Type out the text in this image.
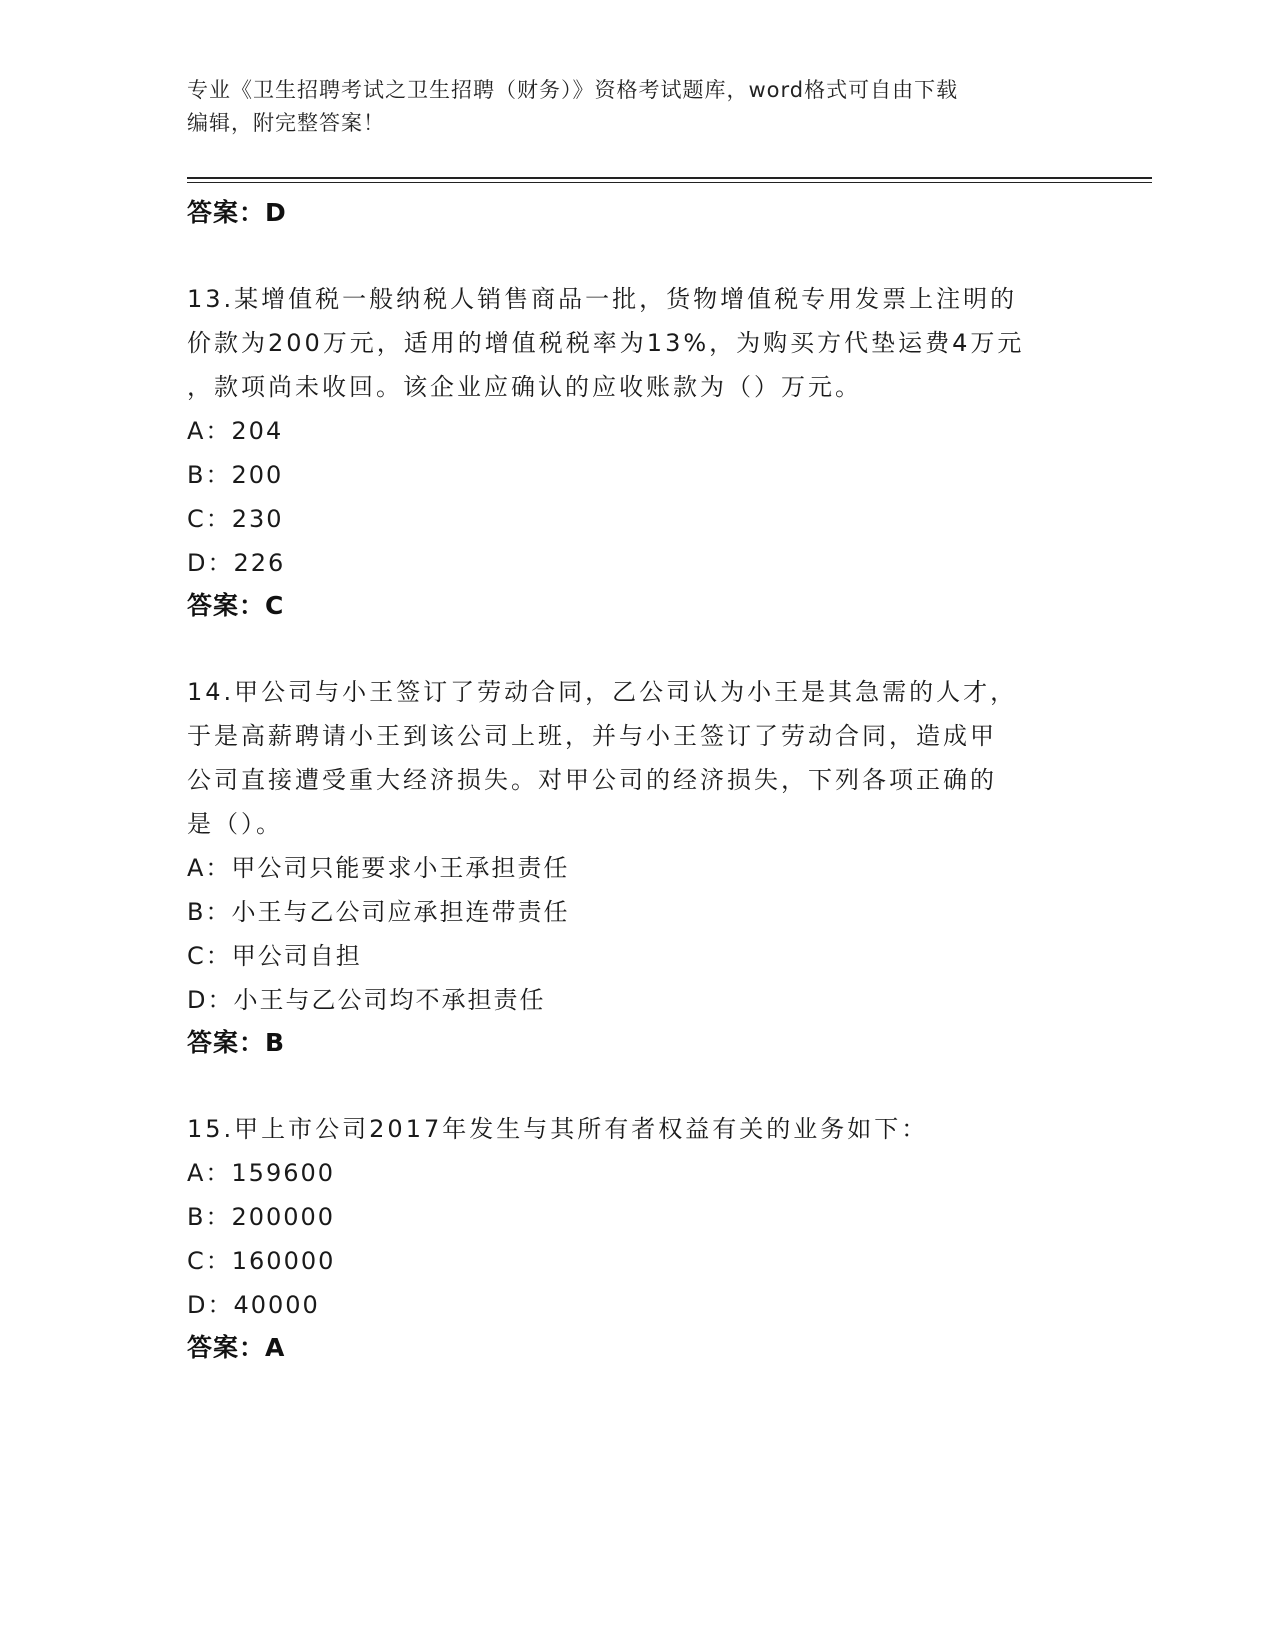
专业《卫生招聘考试之卫生招聘（财务）》资格考试题库，word格式可自由下载
编辑，附完整答案！
答案：D
13.某增值税一般纳税人销售商品一批，货物增值税专用发票上注明的
价款为200万元，适用的增值税税率为13%，为购买方代垫运费4万元
，款项尚未收回。该企业应确认的应收账款为（）万元。
A：204
B：200
C：230
D：226
答案：C
14.甲公司与小王签订了劳动合同，乙公司认为小王是其急需的人才，
于是高薪聘请小王到该公司上班，并与小王签订了劳动合同，造成甲
公司直接遭受重大经济损失。对甲公司的经济损失，下列各项正确的
是（）。
A：甲公司只能要求小王承担责任
B：小王与乙公司应承担连带责任
C：甲公司自担
D：小王与乙公司均不承担责任
答案：B
15.甲上市公司2017年发生与其所有者权益有关的业务如下：
A：159600
B：200000
C：160000
D：40000
答案：A
